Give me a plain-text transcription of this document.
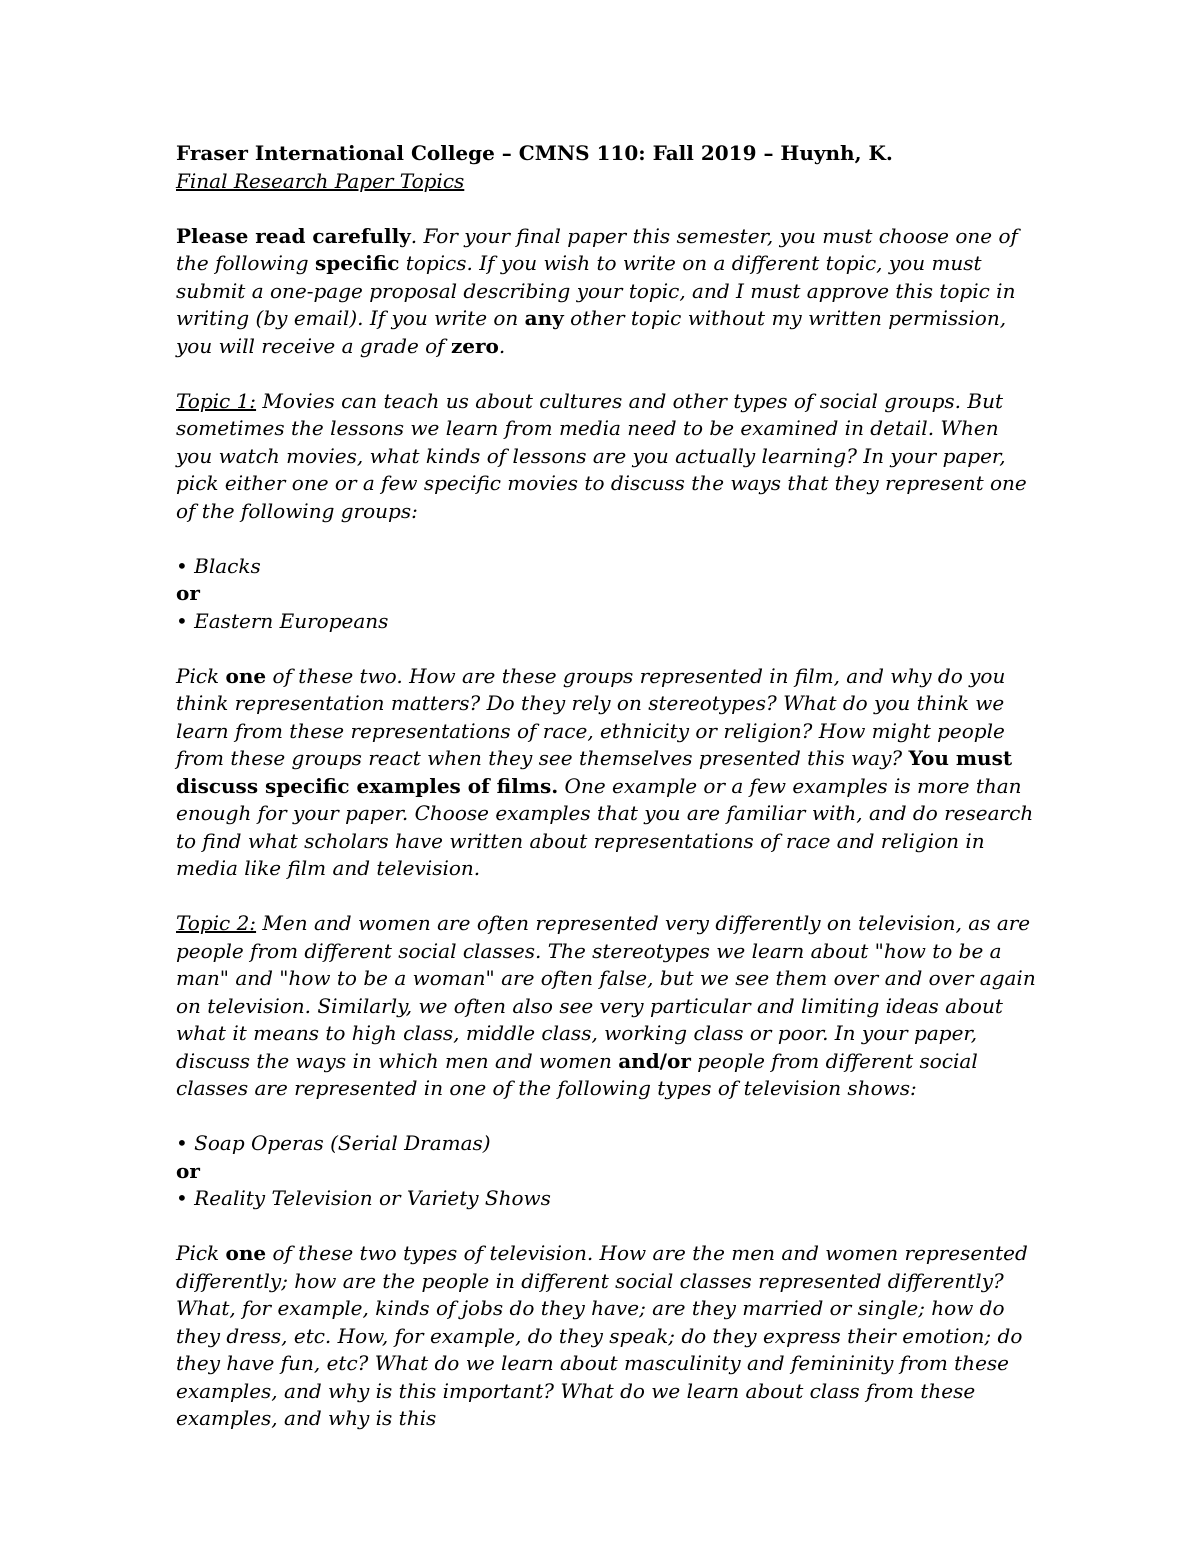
Fraser International College – CMNS 110: Fall 2019 – Huynh, K.

Final Research Paper Topics

Please read carefully. For your final paper this semester, you must choose one of the following specific topics. If you wish to write on a different topic, you must submit a one-page proposal describing your topic, and I must approve this topic in writing (by email). If you write on any other topic without my written permission, you will receive a grade of zero.

Topic 1: Movies can teach us about cultures and other types of social groups. But sometimes the lessons we learn from media need to be examined in detail. When you watch movies, what kinds of lessons are you actually learning? In your paper, pick either one or a few specific movies to discuss the ways that they represent one of the following groups:

• Blacks

or

• Eastern Europeans

Pick one of these two. How are these groups represented in film, and why do you think representation matters? Do they rely on stereotypes? What do you think we learn from these representations of race, ethnicity or religion? How might people from these groups react when they see themselves presented this way? You must discuss specific examples of films. One example or a few examples is more than enough for your paper. Choose examples that you are familiar with, and do research to find what scholars have written about representations of race and religion in media like film and television.

Topic 2: Men and women are often represented very differently on television, as are people from different social classes. The stereotypes we learn about "how to be a man" and "how to be a woman" are often false, but we see them over and over again on television. Similarly, we often also see very particular and limiting ideas about what it means to high class, middle class, working class or poor. In your paper, discuss the ways in which men and women and/or people from different social classes are represented in one of the following types of television shows:

• Soap Operas (Serial Dramas)

or

• Reality Television or Variety Shows

Pick one of these two types of television. How are the men and women represented differently; how are the people in different social classes represented differently? What, for example, kinds of jobs do they have; are they married or single; how do they dress, etc. How, for example, do they speak; do they express their emotion; do they have fun, etc? What do we learn about masculinity and femininity from these examples, and why is this important? What do we learn about class from these examples, and why is this
